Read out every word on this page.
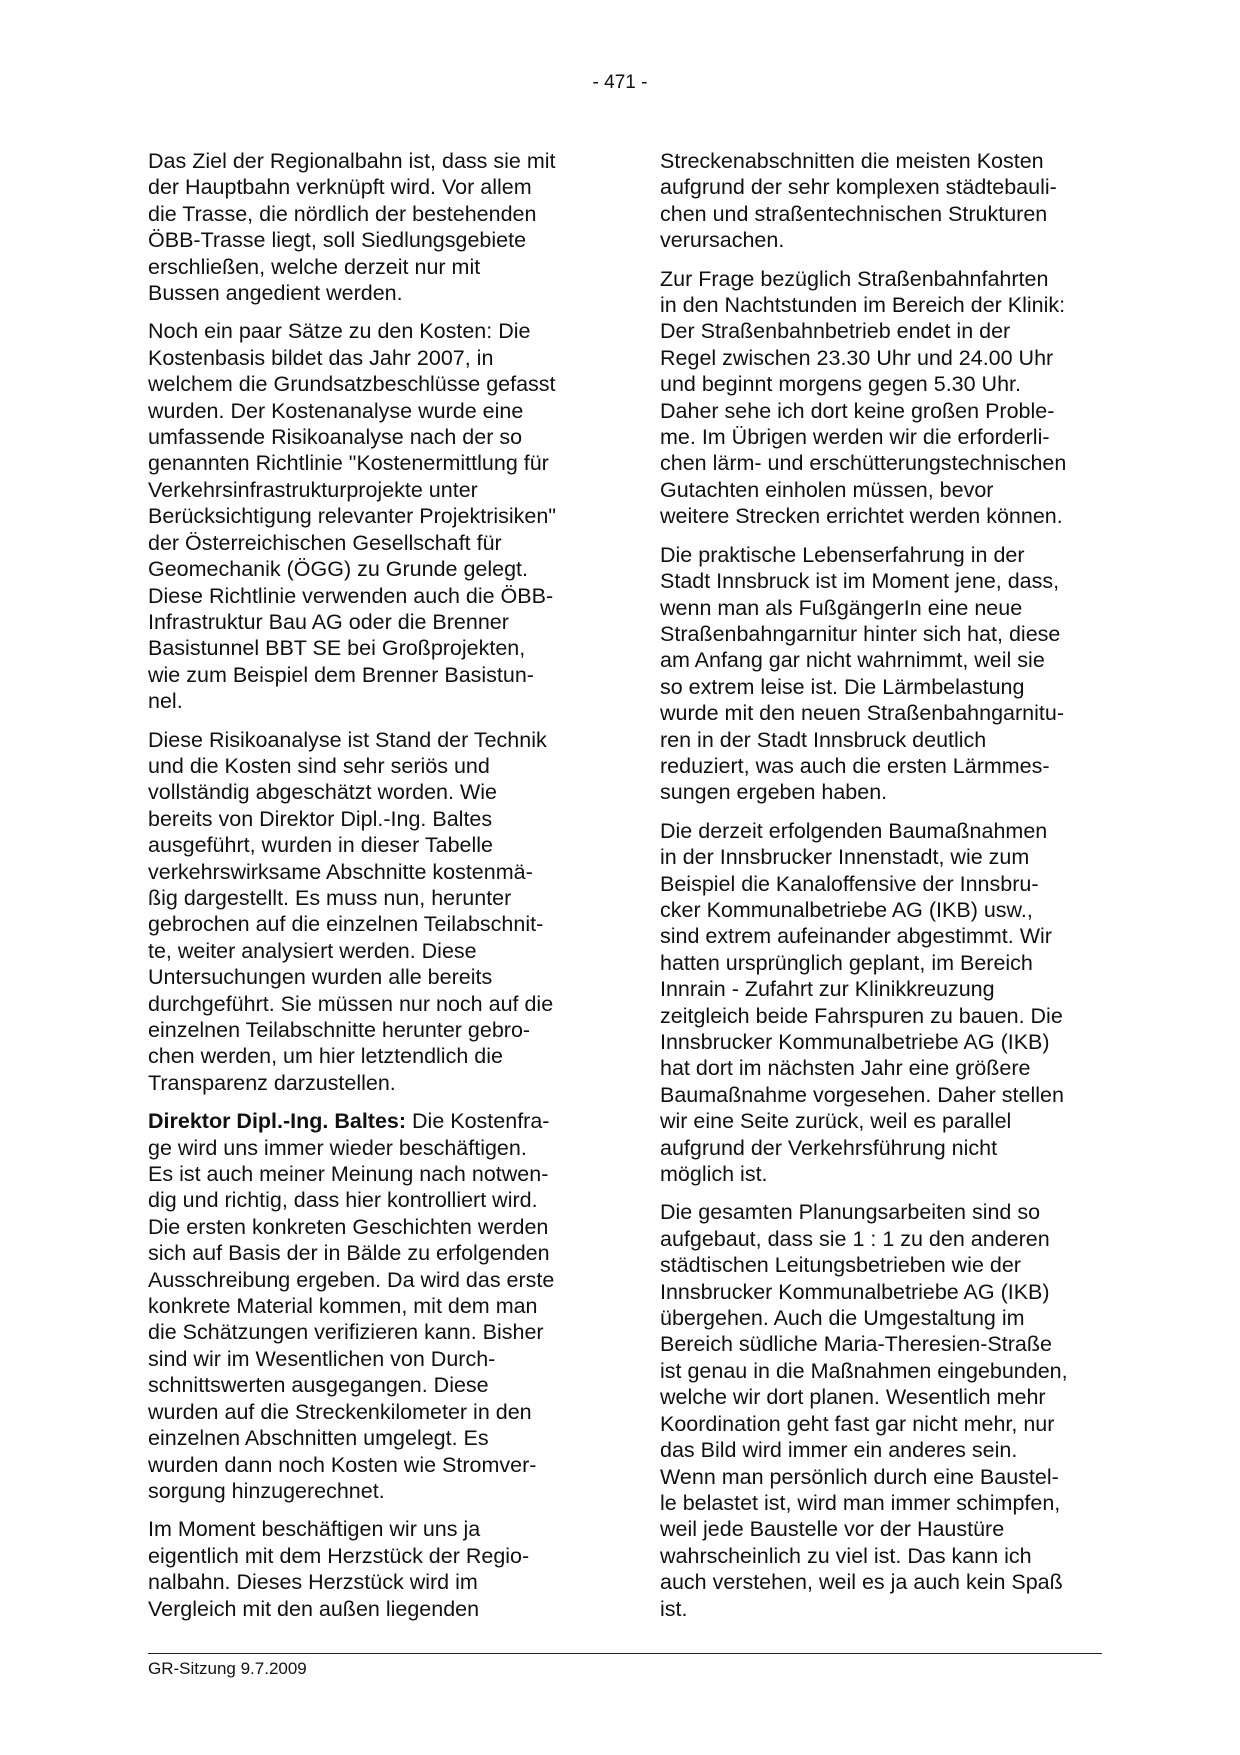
- 471 -
Das Ziel der Regionalbahn ist, dass sie mit
der Hauptbahn verknüpft wird. Vor allem
die Trasse, die nördlich der bestehenden
ÖBB-Trasse liegt, soll Siedlungsgebiete
erschließen, welche derzeit nur mit
Bussen angedient werden.
Noch ein paar Sätze zu den Kosten: Die
Kostenbasis bildet das Jahr 2007, in
welchem die Grundsatzbeschlüsse gefasst
wurden. Der Kostenanalyse wurde eine
umfassende Risikoanalyse nach der so
genannten Richtlinie "Kostenermittlung für
Verkehrsinfrastrukturprojekte unter
Berücksichtigung relevanter Projektrisiken"
der Österreichischen Gesellschaft für
Geomechanik (ÖGG) zu Grunde gelegt.
Diese Richtlinie verwenden auch die ÖBB-
Infrastruktur Bau AG oder die Brenner
Basistunnel BBT SE bei Großprojekten,
wie zum Beispiel dem Brenner Basistun-
nel.
Diese Risikoanalyse ist Stand der Technik
und die Kosten sind sehr seriös und
vollständig abgeschätzt worden. Wie
bereits von Direktor Dipl.-Ing. Baltes
ausgeführt, wurden in dieser Tabelle
verkehrswirksame Abschnitte kostenmä-
ßig dargestellt. Es muss nun, herunter
gebrochen auf die einzelnen Teilabschnit-
te, weiter analysiert werden. Diese
Untersuchungen wurden alle bereits
durchgeführt. Sie müssen nur noch auf die
einzelnen Teilabschnitte herunter gebro-
chen werden, um hier letztendlich die
Transparenz darzustellen.
Direktor Dipl.-Ing. Baltes: Die Kostenfra-
ge wird uns immer wieder beschäftigen.
Es ist auch meiner Meinung nach notwen-
dig und richtig, dass hier kontrolliert wird.
Die ersten konkreten Geschichten werden
sich auf Basis der in Bälde zu erfolgenden
Ausschreibung ergeben. Da wird das erste
konkrete Material kommen, mit dem man
die Schätzungen verifizieren kann. Bisher
sind wir im Wesentlichen von Durch-
schnittswerten ausgegangen. Diese
wurden auf die Streckenkilometer in den
einzelnen Abschnitten umgelegt. Es
wurden dann noch Kosten wie Stromver-
sorgung hinzugerechnet.
Im Moment beschäftigen wir uns ja
eigentlich mit dem Herzstück der Regio-
nalbahn. Dieses Herzstück wird im
Vergleich mit den außen liegenden
Streckenabschnitten die meisten Kosten
aufgrund der sehr komplexen städtebauli-
chen und straßentechnischen Strukturen
verursachen.
Zur Frage bezüglich Straßenbahnfahrten
in den Nachtstunden im Bereich der Klinik:
Der Straßenbahnbetrieb endet in der
Regel zwischen 23.30 Uhr und 24.00 Uhr
und beginnt morgens gegen 5.30 Uhr.
Daher sehe ich dort keine großen Proble-
me. Im Übrigen werden wir die erforderli-
chen lärm- und erschütterungstechnischen
Gutachten einholen müssen, bevor
weitere Strecken errichtet werden können.
Die praktische Lebenserfahrung in der
Stadt Innsbruck ist im Moment jene, dass,
wenn man als FußgängerIn eine neue
Straßenbahngarnitur hinter sich hat, diese
am Anfang gar nicht wahrnimmt, weil sie
so extrem leise ist. Die Lärmbelastung
wurde mit den neuen Straßenbahngarnitu-
ren in der Stadt Innsbruck deutlich
reduziert, was auch die ersten Lärmmes-
sungen ergeben haben.
Die derzeit erfolgenden Baumaßnahmen
in der Innsbrucker Innenstadt, wie zum
Beispiel die Kanaloffensive der Innsbru-
cker Kommunalbetriebe AG (IKB) usw.,
sind extrem aufeinander abgestimmt. Wir
hatten ursprünglich geplant, im Bereich
Innrain - Zufahrt zur Klinikkreuzung
zeitgleich beide Fahrspuren zu bauen. Die
Innsbrucker Kommunalbetriebe AG (IKB)
hat dort im nächsten Jahr eine größere
Baumaßnahme vorgesehen. Daher stellen
wir eine Seite zurück, weil es parallel
aufgrund der Verkehrsführung nicht
möglich ist.
Die gesamten Planungsarbeiten sind so
aufgebaut, dass sie 1 : 1 zu den anderen
städtischen Leitungsbetrieben wie der
Innsbrucker Kommunalbetriebe AG (IKB)
übergehen. Auch die Umgestaltung im
Bereich südliche Maria-Theresien-Straße
ist genau in die Maßnahmen eingebunden,
welche wir dort planen. Wesentlich mehr
Koordination geht fast gar nicht mehr, nur
das Bild wird immer ein anderes sein.
Wenn man persönlich durch eine Baustel-
le belastet ist, wird man immer schimpfen,
weil jede Baustelle vor der Haustüre
wahrscheinlich zu viel ist. Das kann ich
auch verstehen, weil es ja auch kein Spaß
ist.
GR-Sitzung 9.7.2009
